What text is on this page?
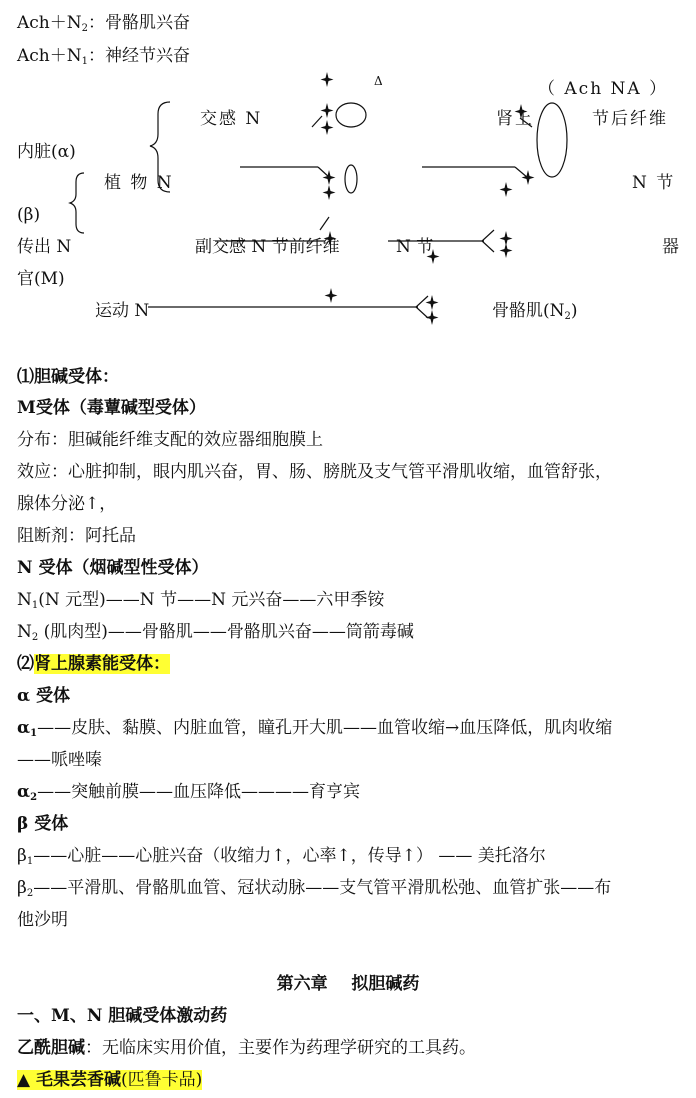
$Ach+N_2$：骨骼肌兴奋
$Ach+N_1$：神经节兴奋
Δ	（ Ach NA ）
交感 N	肾上	节后纤维
内脏(α)
植 物 N	N 节
(β)
传出 N	副交感 N 节前纤维	N 节	器
官(M)
运动 N	骨骼肌$(N_2)$
⑴胆碱受体：
M受体（毒蕈碱型受体）
分布：胆碱能纤维支配的效应器细胞膜上
效应：心脏抑制，眼内肌兴奋，胃、肠、膀胱及支气管平滑肌收缩，血管舒张，
腺体分泌↑，
阻断剂：阿托品
N 受体（烟碱型性受体）
$N_1(N$ 元型)——N 节——N 元兴奋——六甲季铵
$N_2$ (肌肉型)——骨骼肌——骨骼肌兴奋——筒箭毒碱
⑵肾上腺素能受体：
α 受体
$\alpha_1——$皮肤、黏膜、内脏血管，瞳孔开大肌——血管收缩→血压降低，肌肉收缩
——哌唑嗪
$\alpha_2——$突触前膜——血压降低————育亨宾
β 受体
$\beta_1——$心脏——心脏兴奋（收缩力↑，心率↑，传导↑） —— 美托洛尔
$\beta_2——$平滑肌、骨骼肌血管、冠状动脉——支气管平滑肌松弛、血管扩张——布
他沙明
第六章    拟胆碱药
一、M、N 胆碱受体激动药
乙酰胆碱：无临床实用价值，主要作为药理学研究的工具药。
▲ 毛果芸香碱(匹鲁卡品)
